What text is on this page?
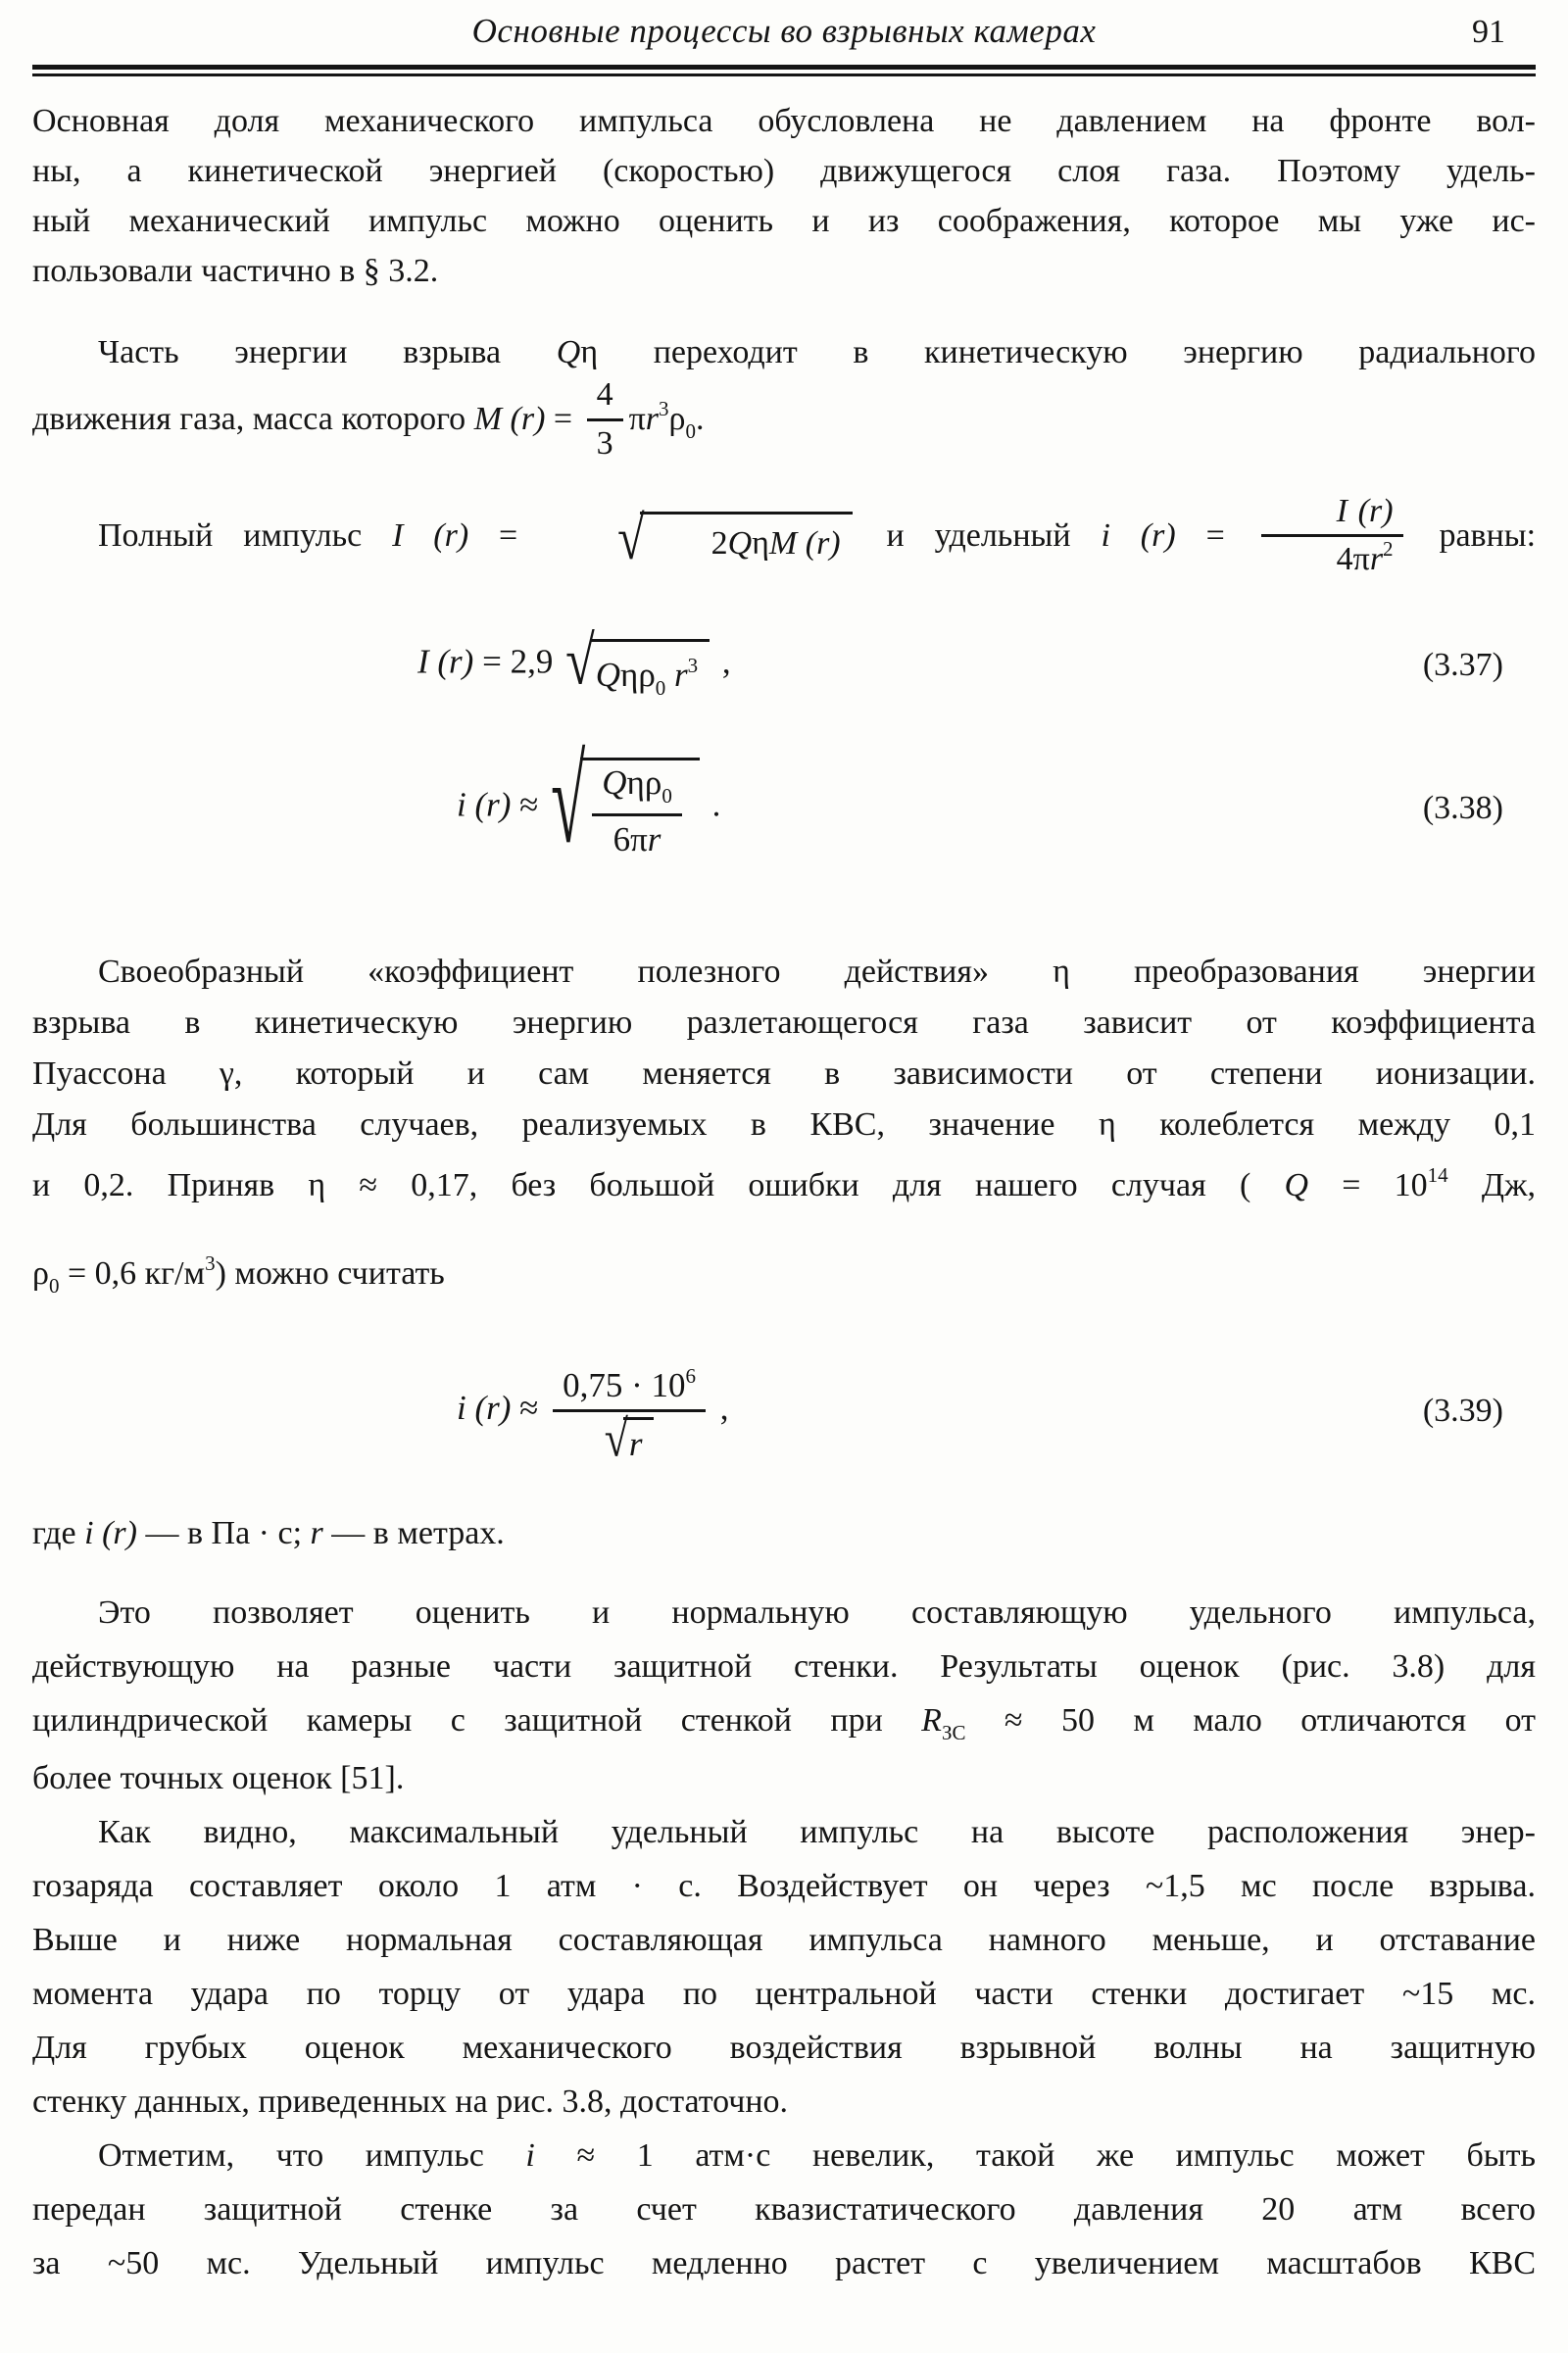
Основные процессы во взрывных камерах	91
Основная доля механического импульса обусловлена не давлением на фронте вол-
ны, а кинетической энергией (скоростью) движущегося слоя газа. Поэтому удель-
ный механический импульс можно оценить и из соображения, которое мы уже ис-
пользовали частично в § 3.2.
Часть энергии взрыва Qη переходит в кинетическую энергию радиального
движения газа, масса которого M $(r) = \frac{4}{3} \pi r^3\rho_0$.
Полный импульс I (r) =	√	2QηM (r)	и удельный i $(r) = \frac{I (r)}{4\pi r^2}$ равны:
I (r) = 2,9 √ Qηρ$_0$ $r^3$ ,	(3.37)
i (r) ≈ √ $\frac{Q\eta\rho_0}{6\pi r}$ .	(3.38)
Своеобразный «коэффициент полезного действия» η преобразования энергии
взрыва в кинетическую энергию разлетающегося газа зависит от коэффициента
Пуассона γ, который и сам меняется в зависимости от степени ионизации.
Для большинства случаев, реализуемых в КВС, значение η колеблется между 0,1
и 0,2. Приняв η ≈ 0,17, без большой ошибки для нашего случая ( $Q = 10^{14}$ Дж,
$\rho_0 = 0,6$ $кг/м^3$) можно считать
i $(r) \approx \frac{0,75 \cdot 10^6}{√ r}$ ,	(3.39)
где i (r) — в Па · с; r — в метрах.
Это позволяет оценить и нормальную составляющую удельного импульса,
действующую на разные части защитной стенки. Результаты оценок (рис. 3.8) для
цилиндрической камеры с защитной стенкой при $R_{ЗС} \approx 50$ м мало отличаются от
более точных оценок [51].
Как видно, максимальный удельный импульс на высоте расположения энер-
гозаряда составляет около 1 атм · с. Воздействует он через ~1,5 мс после взрыва.
Выше и ниже нормальная составляющая импульса намного меньше, и отставание
момента удара по торцу от удара по центральной части стенки достигает ~15 мс.
Для грубых оценок механического воздействия взрывной волны на защитную
стенку данных, приведенных на рис. 3.8, достаточно.
Отметим, что импульс i ≈ 1 атм·с невелик, такой же импульс может быть
передан защитной стенке за счет квазистатического давления 20 атм всего
за ~50 мс. Удельный импульс медленно растет с увеличением масштабов КВС
